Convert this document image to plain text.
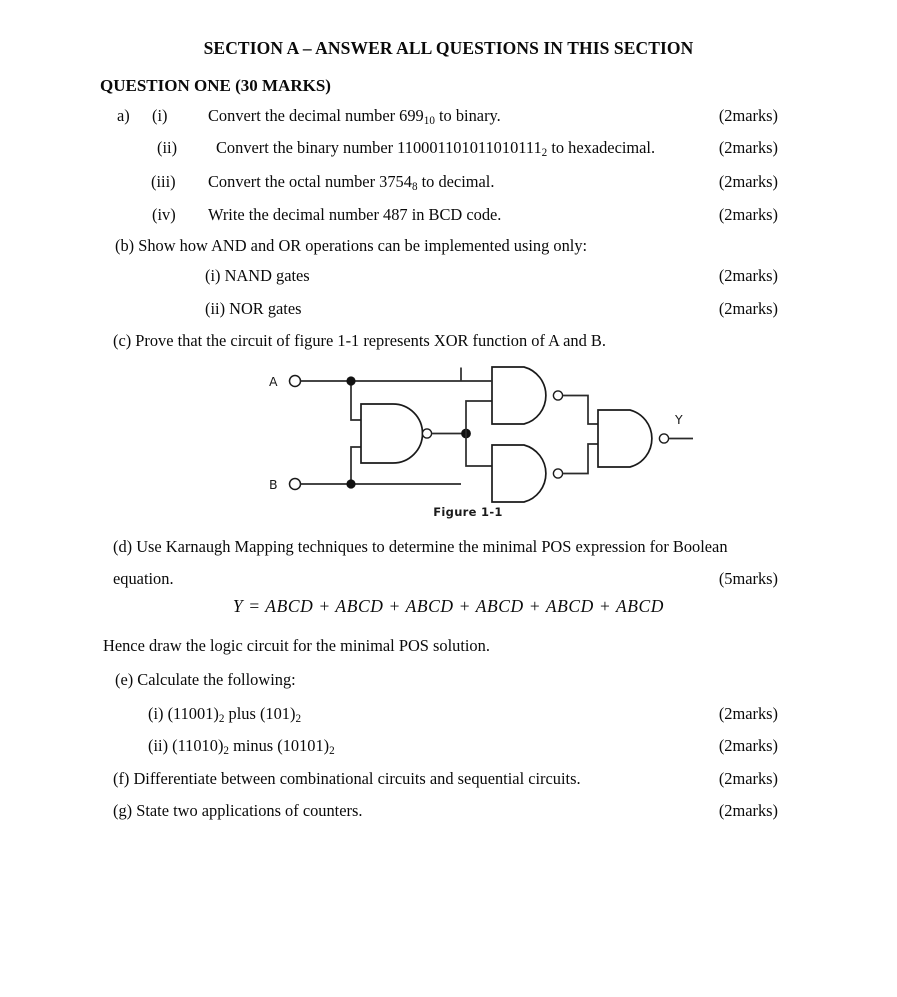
SECTION A – ANSWER ALL QUESTIONS IN THIS SECTION
QUESTION ONE (30 MARKS)
a) (i) Convert the decimal number $699_{10}$ to binary.	(2marks)
(ii) Convert the binary number $110001101011010111_2$ to hexadecimal.	(2marks)
(iii) Convert the octal number $3754_8$ to decimal.	(2marks)
(iv) Write the decimal number 487 in BCD code.	(2marks)
(b) Show how AND and OR operations can be implemented using only:
(i) NAND gates	(2marks)
(ii) NOR gates	(2marks)
(c) Prove that the circuit of figure 1-1 represents XOR function of A and B.
A
B
Y
Figure 1-1
(d) Use Karnaugh Mapping techniques to determine the minimal POS expression for Boolean
equation.	(5marks)
Y = ABCD + ABCD + ABCD + ABCD + ABCD + ABCD
Hence draw the logic circuit for the minimal POS solution.
(e) Calculate the following:
(i) $(11001)_2$ plus $(101)_2$	(2marks)
(ii) $(11010)_2$ minus $(10101)_2$	(2marks)
(f) Differentiate between combinational circuits and sequential circuits.	(2marks)
(g) State two applications of counters.	(2marks)
